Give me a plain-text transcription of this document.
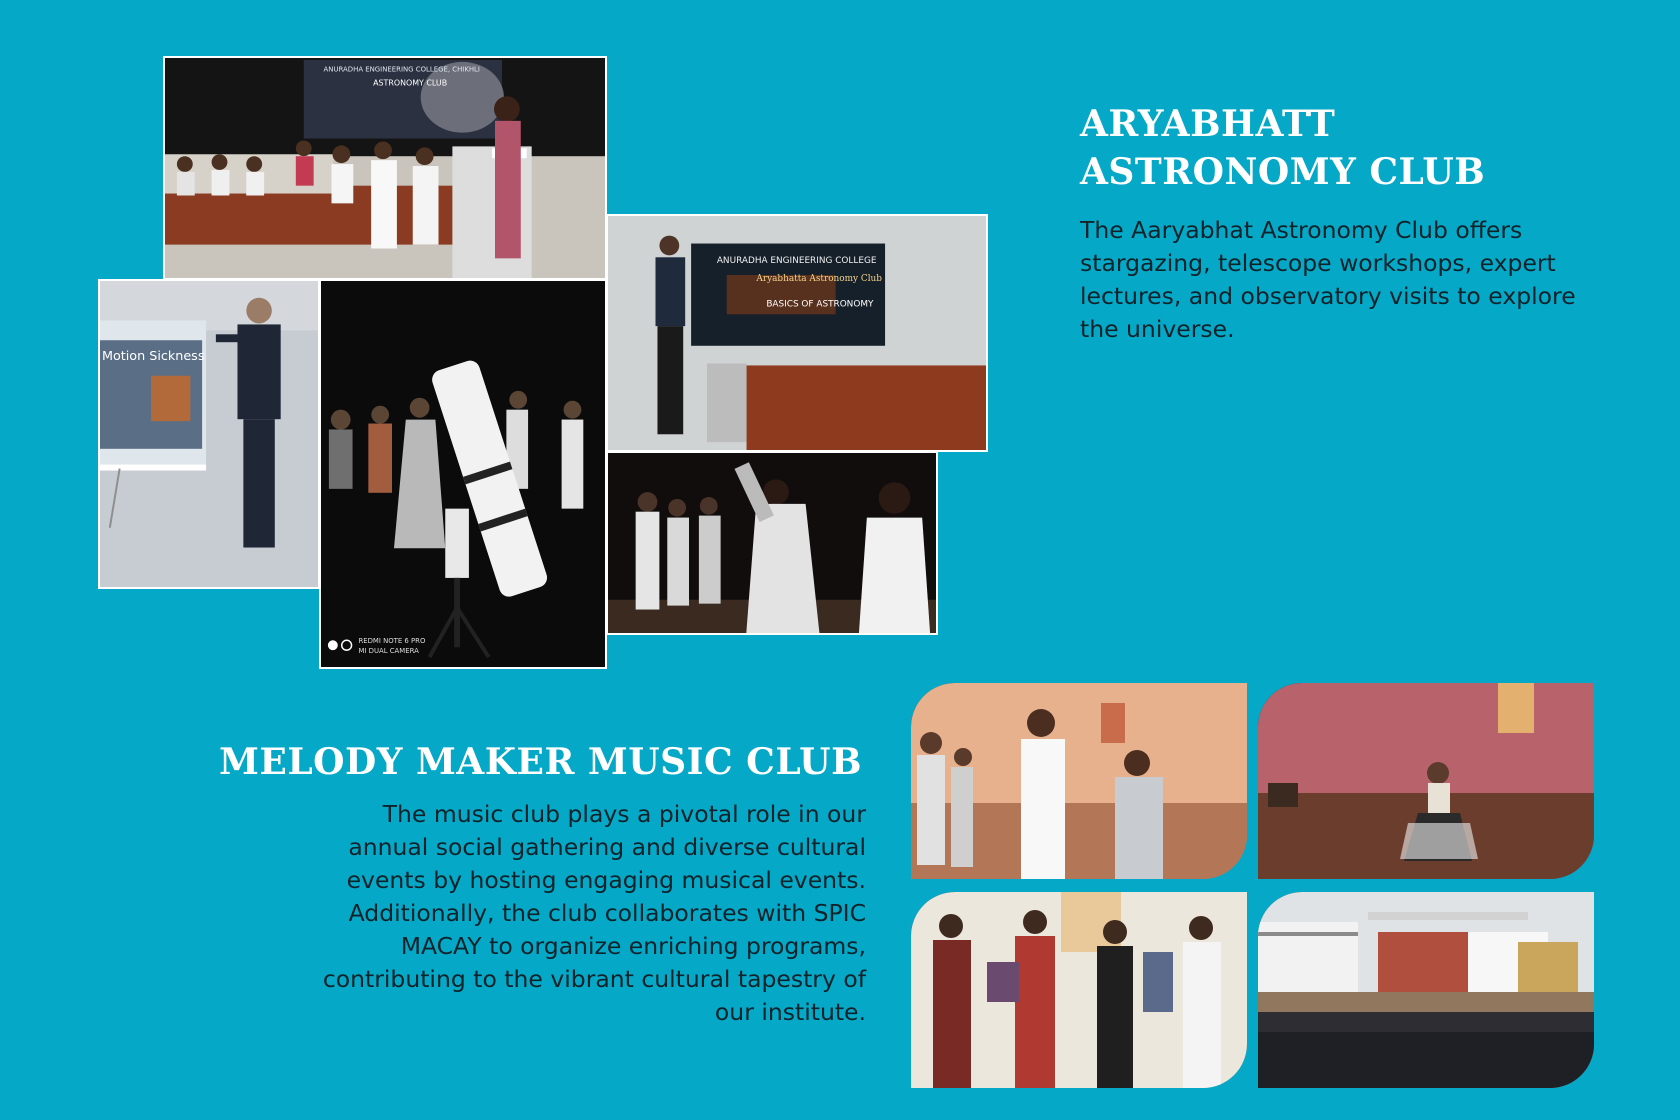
ANURADHA ENGINEERING COLLEGE, CHIKHLI
ASTRONOMY CLUB
Motion Sickness
REDMI NOTE 6 PRO
MI DUAL CAMERA
ANURADHA ENGINEERING COLLEGE
Aryabhatta Astronomy Club
BASICS OF ASTRONOMY
ARYABHATT
ASTRONOMY CLUB

The Aaryabhat Astronomy Club offers stargazing, telescope workshops, expert lectures, and observatory visits to explore the universe.

MELODY MAKER MUSIC CLUB

The music club plays a pivotal role in our annual social gathering and diverse cultural events by hosting engaging musical events. Additionally, the club collaborates with SPIC MACAY to organize enriching programs, contributing to the vibrant cultural tapestry of our institute.
